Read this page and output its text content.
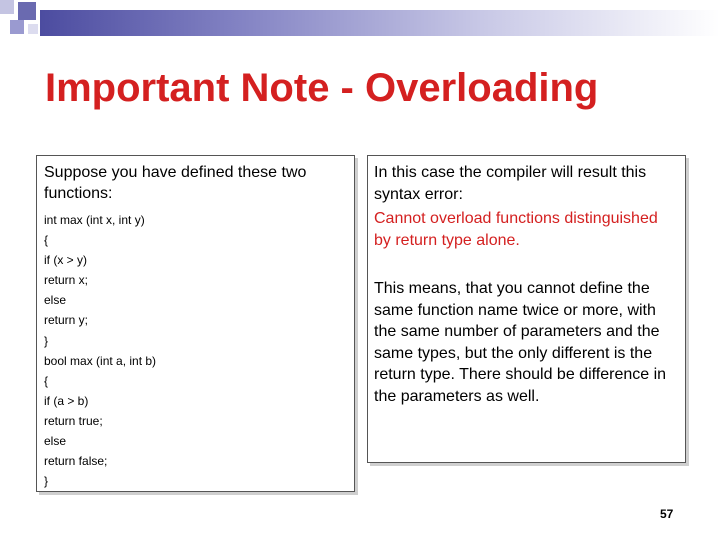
Important Note - Overloading

Suppose you have defined these two functions:

int max (int x, int y)
{
if (x > y)
return x;
else
return y;
}
bool max (int a, int b)
{
if (a > b)
return true;
else
return false;
}

In this case the compiler will result this syntax error:

Cannot overload functions distinguished by return type alone.

This means, that you cannot define the same function name twice or more, with the same number of parameters and the same types, but the only different is the return type. There should be difference in the parameters as well.

57
